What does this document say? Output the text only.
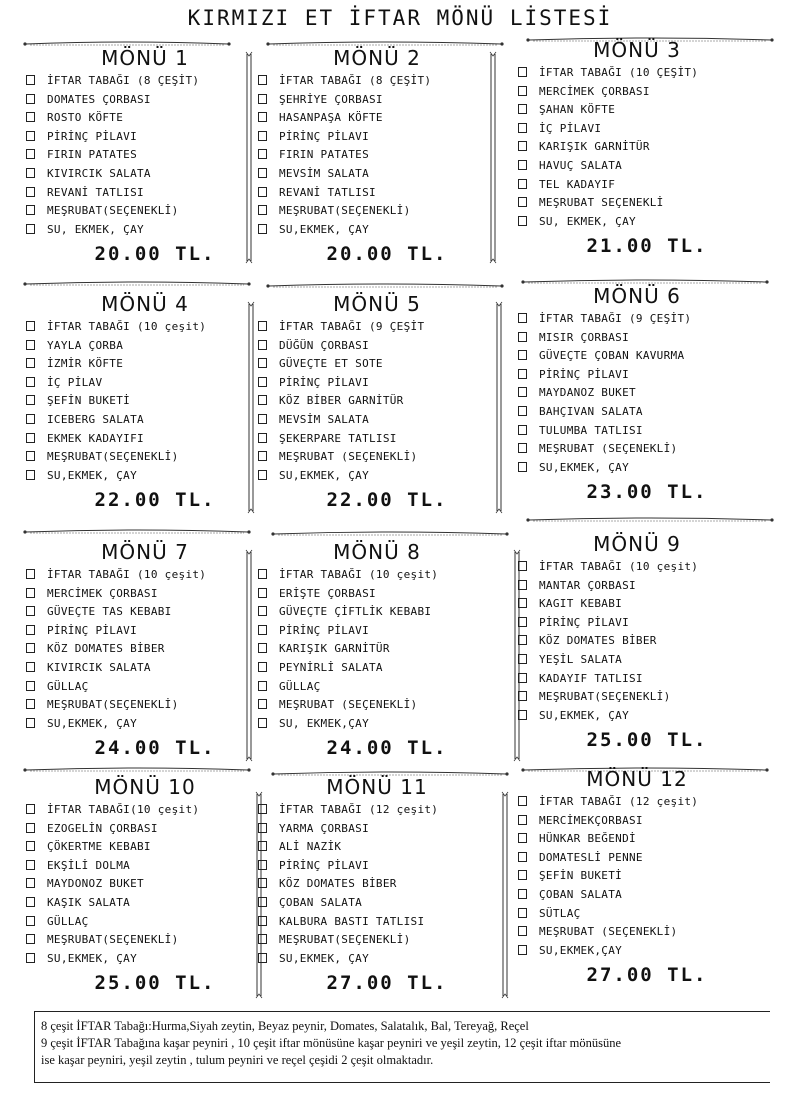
KIRMIZI ET İFTAR MÖNÜ LİSTESİ
MÖNÜ 1
İFTAR TABAĞI (8 ÇEŞİT)
DOMATES ÇORBASI
ROSTO KÖFTE
PİRİNÇ PİLAVI
FIRIN PATATES
KIVIRCIK SALATA
REVANİ TATLISI
MEŞRUBAT(SEÇENEKLİ)
SU, EKMEK, ÇAY
20.00 TL.
MÖNÜ 2
İFTAR TABAĞI (8 ÇEŞİT)
ŞEHRİYE ÇORBASI
HASANPAŞA KÖFTE
PİRİNÇ PİLAVI
FIRIN PATATES
MEVSİM SALATA
REVANİ TATLISI
MEŞRUBAT(SEÇENEKLİ)
SU,EKMEK, ÇAY
20.00 TL.
MÖNÜ 3
İFTAR TABAĞI (10 ÇEŞİT)
MERCİMEK ÇORBASI
ŞAHAN KÖFTE
İÇ PİLAVI
KARIŞIK GARNİTÜR
HAVUÇ SALATA
TEL KADAYIF
MEŞRUBAT SEÇENEKLİ
SU, EKMEK, ÇAY
21.00 TL.
MÖNÜ 4
İFTAR TABAĞI (10 çeşit)
YAYLA ÇORBA
İZMİR KÖFTE
İÇ PİLAV
ŞEFİN BUKETİ
ICEBERG SALATA
EKMEK KADAYIFI
MEŞRUBAT(SEÇENEKLİ)
SU,EKMEK, ÇAY
22.00 TL.
MÖNÜ 5
İFTAR TABAĞI (9 ÇEŞİT
DÜĞÜN ÇORBASI
GÜVEÇTE ET SOTE
PİRİNÇ PİLAVI
KÖZ BİBER GARNİTÜR
MEVSİM SALATA
ŞEKERPARE TATLISI
MEŞRUBAT (SEÇENEKLİ)
SU,EKMEK, ÇAY
22.00 TL.
MÖNÜ 6
İFTAR TABAĞI (9 ÇEŞİT)
MISIR ÇORBASI
GÜVEÇTE ÇOBAN KAVURMA
PİRİNÇ PİLAVI
MAYDANOZ BUKET
BAHÇIVAN SALATA
TULUMBA TATLISI
MEŞRUBAT (SEÇENEKLİ)
SU,EKMEK, ÇAY
23.00 TL.
MÖNÜ 7
İFTAR TABAĞI (10 çeşit)
MERCİMEK ÇORBASI
GÜVEÇTE TAS KEBABI
PİRİNÇ PİLAVI
KÖZ DOMATES BİBER
KIVIRCIK SALATA
GÜLLAÇ
MEŞRUBAT(SEÇENEKLİ)
SU,EKMEK, ÇAY
24.00 TL.
MÖNÜ 8
İFTAR TABAĞI (10 çeşit)
ERİŞTE ÇORBASI
GÜVEÇTE ÇİFTLİK KEBABI
PİRİNÇ PİLAVI
KARIŞIK GARNİTÜR
PEYNİRLİ SALATA
GÜLLAÇ
MEŞRUBAT (SEÇENEKLİ)
SU, EKMEK,ÇAY
24.00 TL.
MÖNÜ 9
İFTAR TABAĞI (10 çeşit)
MANTAR ÇORBASI
KAGIT KEBABI
PİRİNÇ PİLAVI
KÖZ DOMATES BİBER
YEŞİL SALATA
KADAYIF TATLISI
MEŞRUBAT(SEÇENEKLİ)
SU,EKMEK, ÇAY
25.00 TL.
MÖNÜ 10
İFTAR TABAĞI(10 çeşit)
EZOGELİN ÇORBASI
ÇÖKERTME KEBABI
EKŞİLİ DOLMA
MAYDONOZ BUKET
KAŞIK SALATA
GÜLLAÇ
MEŞRUBAT(SEÇENEKLİ)
SU,EKMEK, ÇAY
25.00 TL.
MÖNÜ 11
İFTAR TABAĞI (12 çeşit)
YARMA ÇORBASI
ALİ NAZİK
PİRİNÇ PİLAVI
KÖZ DOMATES BİBER
ÇOBAN SALATA
KALBURA BASTI TATLISI
MEŞRUBAT(SEÇENEKLİ)
SU,EKMEK, ÇAY
27.00 TL.
MÖNÜ 12
İFTAR TABAĞI (12 çeşit)
MERCİMEKÇORBASI
HÜNKAR BEĞENDİ
DOMATESLİ PENNE
ŞEFİN BUKETİ
ÇOBAN SALATA
SÜTLAÇ
MEŞRUBAT (SEÇENEKLİ)
SU,EKMEK,ÇAY
27.00 TL.
8 çeşit İFTAR Tabağı:Hurma,Siyah zeytin, Beyaz peynir, Domates, Salatalık, Bal, Tereyağ, Reçel
9 çeşit İFTAR Tabağına kaşar peyniri , 10 çeşit iftar mönüsüne kaşar peyniri ve yeşil zeytin, 12 çeşit iftar mönüsüne
ise kaşar peyniri, yeşil zeytin , tulum peyniri ve reçel çeşidi 2 çeşit olmaktadır.
